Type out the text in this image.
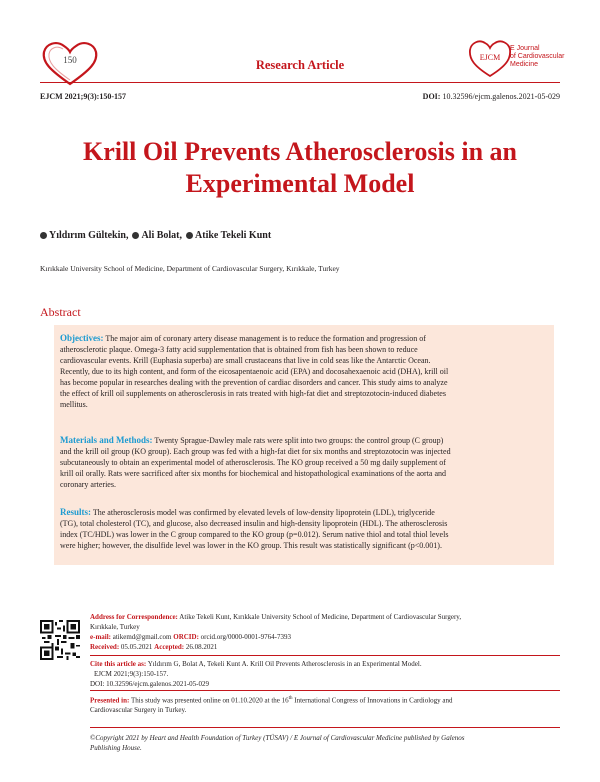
150	Research Article
EJCM
E Journal
of Cardiovascular
Medicine
EJCM 2021;9(3):150-157	DOI: 10.32596/ejcm.galenos.2021-05-029
Krill Oil Prevents Atherosclerosis in an
Experimental Model
Yıldırım Gültekin,	Ali Bolat,	Atike Tekeli Kunt
Kırıkkale University School of Medicine, Department of Cardiovascular Surgery, Kırıkkale, Turkey
Abstract
Objectives: The major aim of coronary artery disease management is to reduce the formation and progression of
atherosclerotic plaque. Omega-3 fatty acid supplementation that is obtained from fish has been shown to reduce
cardiovascular events. Krill (Euphasia superba) are small crustaceans that live in cold seas like the Antarctic Ocean.
Recently, due to its high content, and form of the eicosapentaenoic acid (EPA) and docosahexaenoic acid (DHA), krill oil
has become popular in researches dealing with the prevention of cardiac disorders and cancer. This study aims to analyze
the effect of krill oil supplements on atherosclerosis in rats treated with high-fat diet and streptozotocin-induced diabetes
mellitus.
Materials and Methods: Twenty Sprague-Dawley male rats were split into two groups: the control group (C group)
and the krill oil group (KO group). Each group was fed with a high-fat diet for six months and streptozotocin was injected
subcutaneously to obtain an experimental model of atherosclerosis. The KO group received a 50 mg daily supplement of
krill oil orally. Rats were sacrificed after six months for biochemical and histopathological examinations of the aorta and
coronary arteries.
Results: The atherosclerosis model was confirmed by elevated levels of low-density lipoprotein (LDL), triglyceride
(TG), total cholesterol (TC), and glucose, also decreased insulin and high-density lipoprotein (HDL). The atherosclerosis
index (TC/HDL) was lower in the C group compared to the KO group (p=0.012). Serum native thiol and total thiol levels
were higher; however, the disulfide level was lower in the KO group. This result was statistically significant (p<0.001).
Address for Correspondence: Atike Tekeli Kunt, Kırıkkale University School of Medicine, Department of Cardiovascular Surgery,
Kırıkkale, Turkey
e-mail: atikemd@gmail.com ORCID: orcid.org/0000-0001-9764-7393
Received: 05.05.2021 Accepted: 26.08.2021
Cite this article as: Yıldırım G, Bolat A, Tekeli Kunt A. Krill Oil Prevents Atherosclerosis in an Experimental Model.
EJCM 2021;9(3):150-157.
DOI: 10.32596/ejcm.galenos.2021-05-029
Presented in: This study was presented online on 01.10.2020 at the 16th International Congress of Innovations in Cardiology and
Cardiovascular Surgery in Turkey.
©Copyright 2021 by Heart and Health Foundation of Turkey (TÜSAV) / E Journal of Cardiovascular Medicine published by Galenos
Publishing House.
